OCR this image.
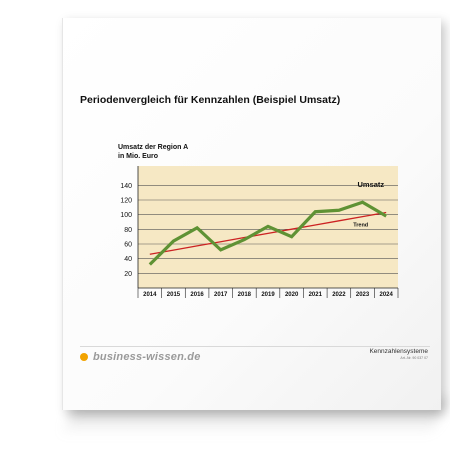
Periodenvergleich für Kennzahlen (Beispiel Umsatz)
Umsatz der Region A
in Mio. Euro
20
40
60
80
100
120
140
2014 2015 2016 2017 2018 2019 2020 2021 2022 2023 2024
Umsatz
Trend
business-wissen.de	Kennzahlensysteme
Art.-Nr. 90 037 07
